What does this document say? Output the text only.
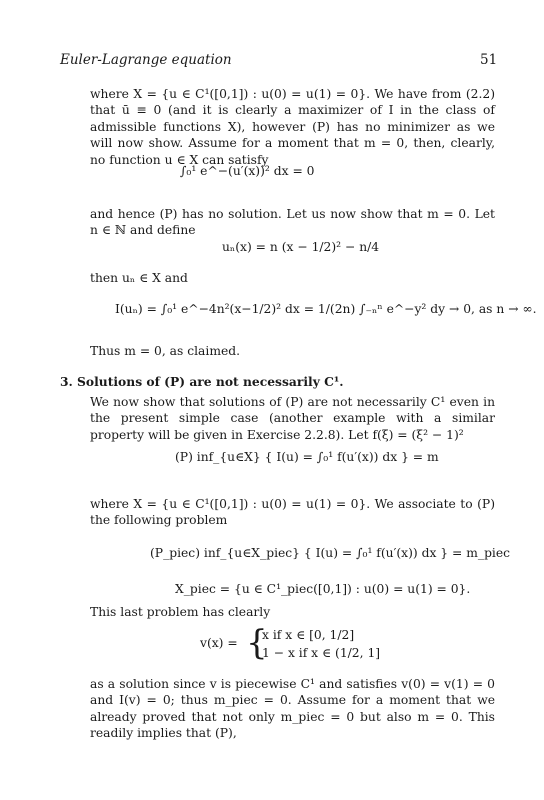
Euler-Lagrange equation	51
where X = {u ∈ C¹([0,1]) : u(0) = u(1) = 0}. We have from (2.2) that ū ≡ 0 (and it is clearly a maximizer of I in the class of admissible functions X), however (P) has no minimizer as we will now show. Assume for a moment that m = 0, then, clearly, no function u ∈ X can satisfy
∫₀¹ e^−(u′(x))² dx = 0
and hence (P) has no solution. Let us now show that m = 0. Let n ∈ ℕ and define
uₙ(x) = n (x − 1/2)² − n/4
then uₙ ∈ X and
I(uₙ) = ∫₀¹ e^−4n²(x−1/2)² dx = 1/(2n) ∫₋ₙⁿ e^−y² dy → 0, as n → ∞.
Thus m = 0, as claimed.
3. Solutions of (P) are not necessarily C¹.
We now show that solutions of (P) are not necessarily C¹ even in the present simple case (another example with a similar property will be given in Exercise 2.2.8). Let f(ξ) = (ξ² − 1)²
(P) inf_{u∈X} { I(u) = ∫₀¹ f(u′(x)) dx } = m
where X = {u ∈ C¹([0,1]) : u(0) = u(1) = 0}. We associate to (P) the following problem
(P_piec) inf_{u∈X_piec} { I(u) = ∫₀¹ f(u′(x)) dx } = m_piec
X_piec = {u ∈ C¹_piec([0,1]) : u(0) = u(1) = 0}.
This last problem has clearly
v(x) = {
x if x ∈ [0, 1/2]
1 − x if x ∈ (1/2, 1]
as a solution since v is piecewise C¹ and satisfies v(0) = v(1) = 0 and I(v) = 0; thus m_piec = 0. Assume for a moment that we already proved that not only m_piec = 0 but also m = 0. This readily implies that (P),
